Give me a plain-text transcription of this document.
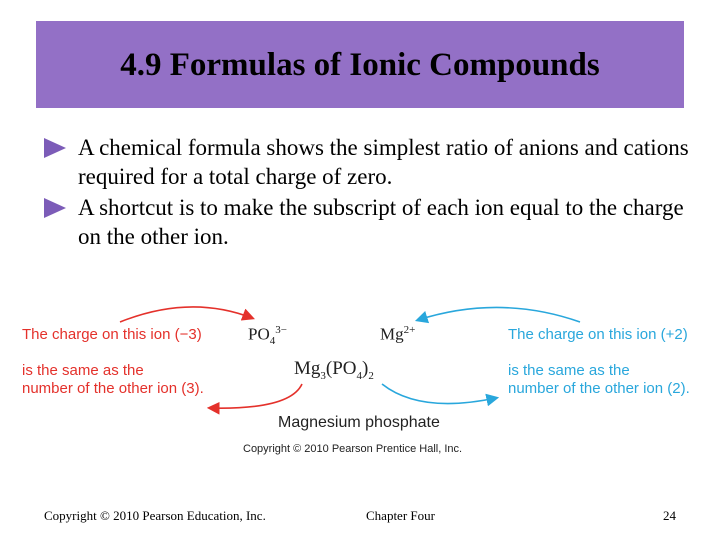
4.9 Formulas of Ionic Compounds
A chemical formula shows the simplest ratio of anions and cations required for a total charge of zero.
A shortcut is to make the subscript of each ion equal to the charge on the other ion.
The charge on this ion (−3)
is the same as the
number of the other ion (3).
The charge on this ion (+2)
is the same as the
number of the other ion (2).
$PO_4^{3-}$	$Mg^{2+}$
$Mg_3(PO_4)_2$
Magnesium phosphate
Copyright © 2010 Pearson Prentice Hall, Inc.
Copyright © 2010 Pearson Education, Inc.	Chapter Four	24
